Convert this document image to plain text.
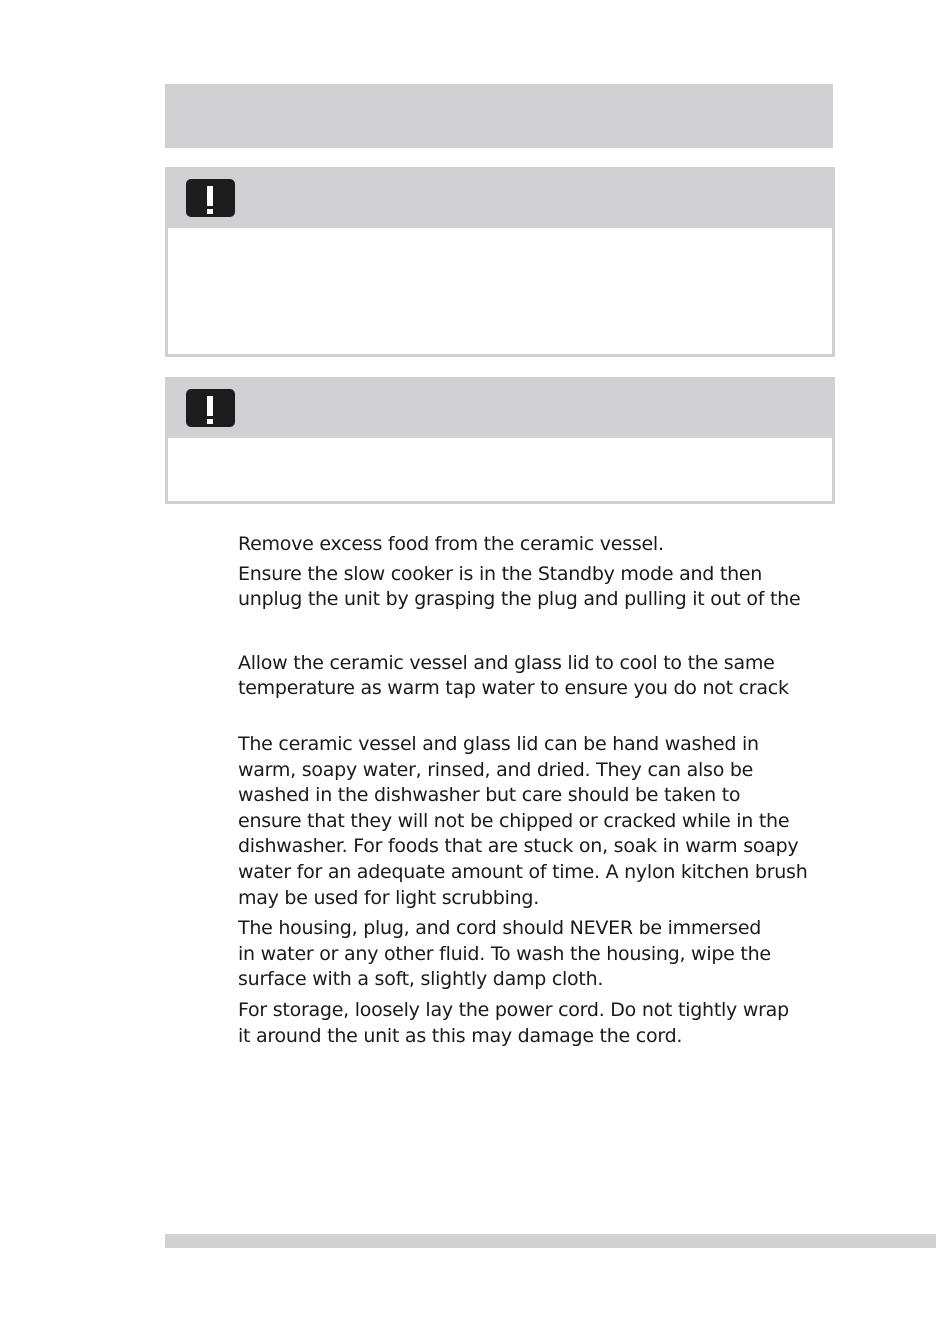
Remove excess food from the ceramic vessel.
Ensure the slow cooker is in the Standby mode and then
unplug the unit by grasping the plug and pulling it out of the
Allow the ceramic vessel and glass lid to cool to the same
temperature as warm tap water to ensure you do not crack
The ceramic vessel and glass lid can be hand washed in
warm, soapy water, rinsed, and dried. They can also be
washed in the dishwasher but care should be taken to
ensure that they will not be chipped or cracked while in the
dishwasher. For foods that are stuck on, soak in warm soapy
water for an adequate amount of time. A nylon kitchen brush
may be used for light scrubbing.
The housing, plug, and cord should NEVER be immersed
in water or any other fluid. To wash the housing, wipe the
surface with a soft, slightly damp cloth.
For storage, loosely lay the power cord. Do not tightly wrap
it around the unit as this may damage the cord.
